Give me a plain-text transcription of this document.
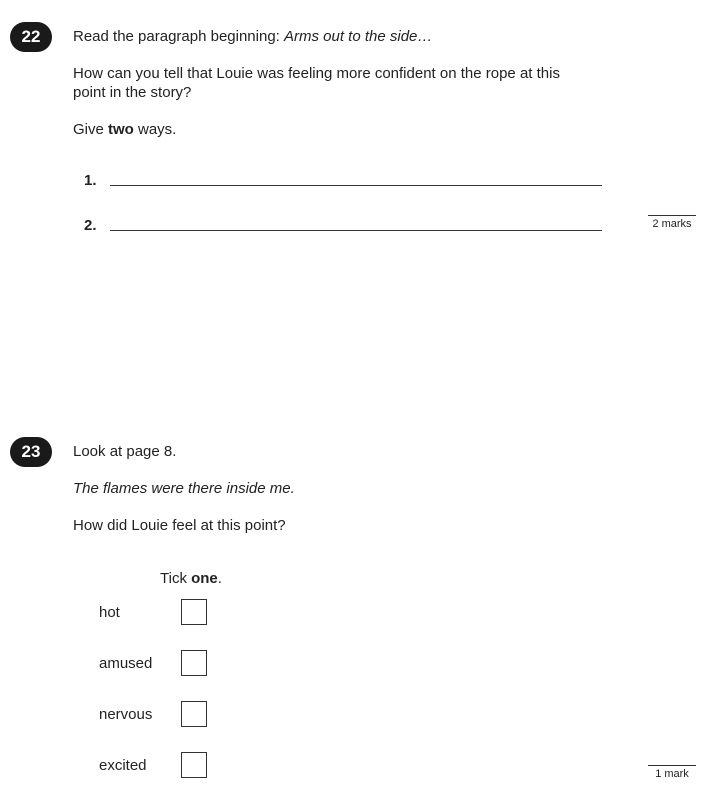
22 Read the paragraph beginning: Arms out to the side…
How can you tell that Louie was feeling more confident on the rope at this
point in the story?
Give two ways.
1.
2.	2 marks
23 Look at page 8.
The flames were there inside me.
How did Louie feel at this point?
Tick one.
hot
amused
nervous
excited	1 mark
